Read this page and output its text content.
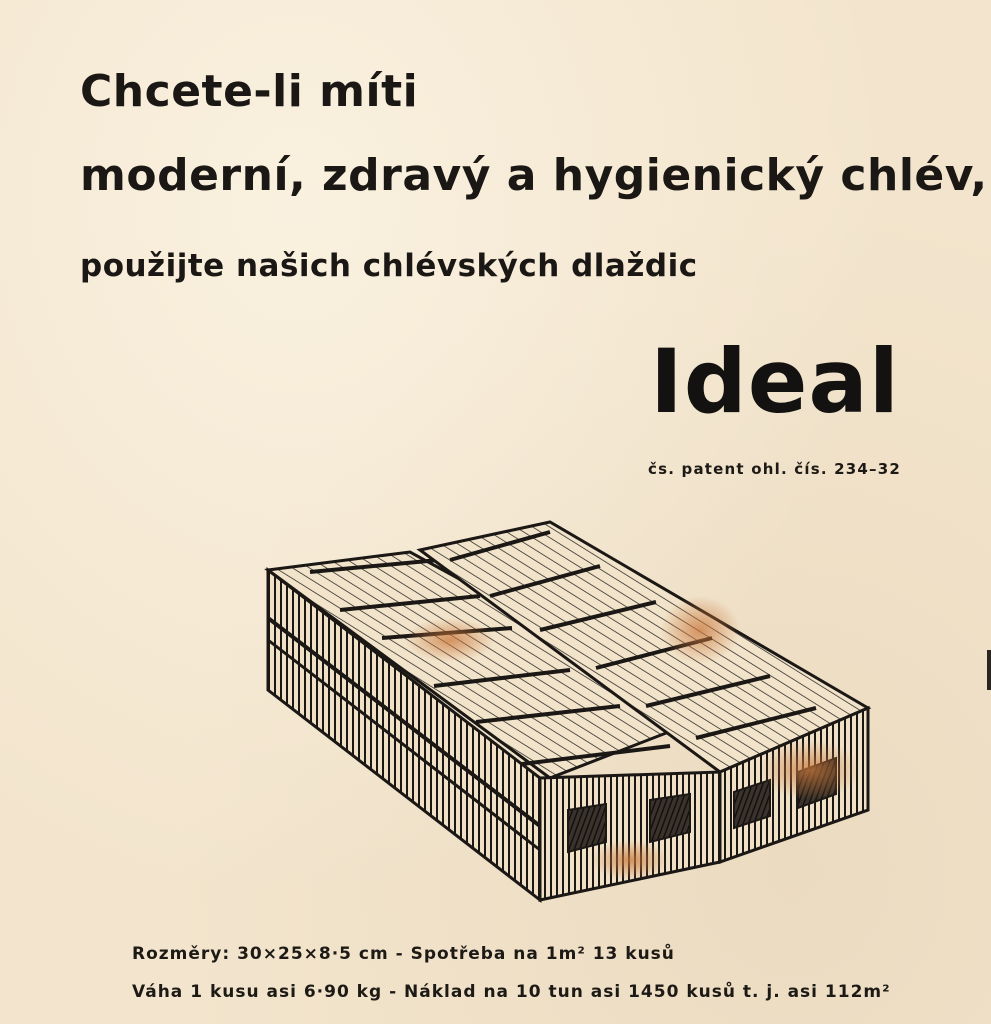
Chcete-li míti
moderní, zdravý a hygienický chlév,
použijte našich chlévských dlaždic
Ideal
čs. patent ohl. čís. 234–32
Rozměry: 30×25×8·5 cm - Spotřeba na 1m² 13 kusů
Váha 1 kusu asi 6·90 kg - Náklad na 10 tun asi 1450 kusů t. j. asi 112m²
